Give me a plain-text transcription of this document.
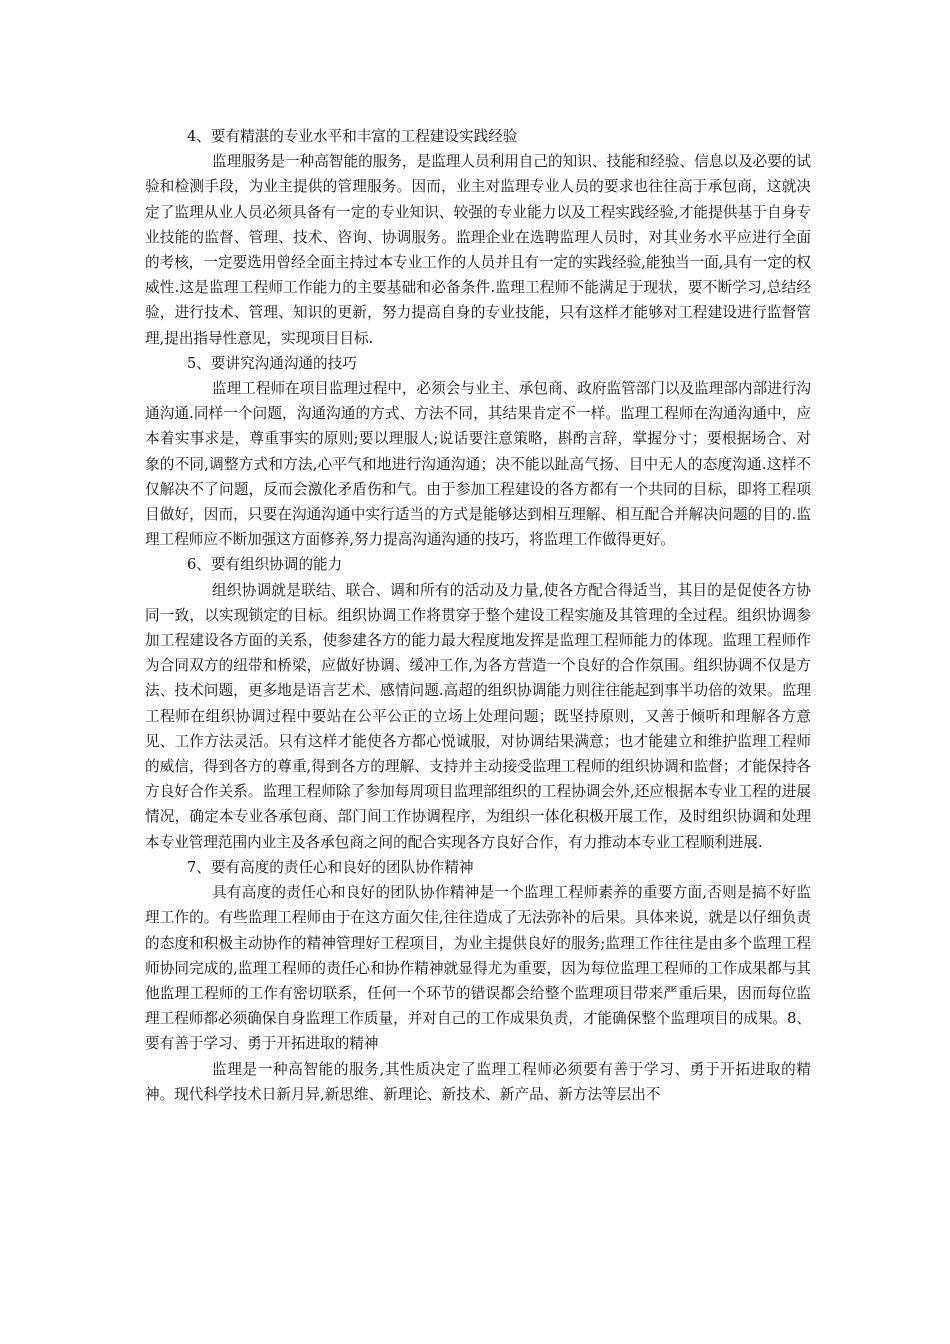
4、要有精湛的专业水平和丰富的工程建设实践经验

监理服务是一种高智能的服务，是监理人员利用自己的知识、技能和经验、信息以及必要的试验和检测手段，为业主提供的管理服务。因而，业主对监理专业人员的要求也往往高于承包商，这就决定了监理从业人员必须具备有一定的专业知识、较强的专业能力以及工程实践经验,才能提供基于自身专业技能的监督、管理、技术、咨询、协调服务。监理企业在选聘监理人员时，对其业务水平应进行全面的考核，一定要选用曾经全面主持过本专业工作的人员并且有一定的实践经验,能独当一面,具有一定的权威性.这是监理工程师工作能力的主要基础和必备条件.监理工程师不能满足于现状，要不断学习,总结经验，进行技术、管理、知识的更新，努力提高自身的专业技能，只有这样才能够对工程建设进行监督管理,提出指导性意见，实现项目目标.

5、要讲究沟通沟通的技巧

监理工程师在项目监理过程中，必须会与业主、承包商、政府监管部门以及监理部内部进行沟通沟通.同样一个问题，沟通沟通的方式、方法不同，其结果肯定不一样。监理工程师在沟通沟通中，应本着实事求是，尊重事实的原则;要以理服人;说话要注意策略，斟酌言辞，掌握分寸；要根据场合、对象的不同,调整方式和方法,心平气和地进行沟通沟通；决不能以趾高气扬、目中无人的态度沟通.这样不仅解决不了问题，反而会激化矛盾伤和气。由于参加工程建设的各方都有一个共同的目标，即将工程项目做好，因而，只要在沟通沟通中实行适当的方式是能够达到相互理解、相互配合并解决问题的目的.监理工程师应不断加强这方面修养,努力提高沟通沟通的技巧，将监理工作做得更好。

6、要有组织协调的能力

组织协调就是联结、联合、调和所有的活动及力量,使各方配合得适当，其目的是促使各方协同一致，以实现锁定的目标。组织协调工作将贯穿于整个建设工程实施及其管理的全过程。组织协调参加工程建设各方面的关系，使参建各方的能力最大程度地发挥是监理工程师能力的体现。监理工程师作为合同双方的纽带和桥梁，应做好协调、缓冲工作,为各方营造一个良好的合作氛围。组织协调不仅是方法、技术问题，更多地是语言艺术、感情问题.高超的组织协调能力则往往能起到事半功倍的效果。监理工程师在组织协调过程中要站在公平公正的立场上处理问题；既坚持原则，又善于倾听和理解各方意见、工作方法灵活。只有这样才能使各方都心悦诚服，对协调结果满意；也才能建立和维护监理工程师的威信，得到各方的尊重,得到各方的理解、支持并主动接受监理工程师的组织协调和监督；才能保持各方良好合作关系。监理工程师除了参加每周项目监理部组织的工程协调会外,还应根据本专业工程的进展情况，确定本专业各承包商、部门间工作协调程序，为组织一体化积极开展工作，及时组织协调和处理本专业管理范围内业主及各承包商之间的配合实现各方良好合作，有力推动本专业工程顺利进展.

7、要有高度的责任心和良好的团队协作精神

具有高度的责任心和良好的团队协作精神是一个监理工程师素养的重要方面,否则是搞不好监理工作的。有些监理工程师由于在这方面欠佳,往往造成了无法弥补的后果。具体来说，就是以仔细负责的态度和积极主动协作的精神管理好工程项目，为业主提供良好的服务;监理工作往往是由多个监理工程师协同完成的,监理工程师的责任心和协作精神就显得尤为重要，因为每位监理工程师的工作成果都与其他监理工程师的工作有密切联系，任何一个环节的错误都会给整个监理项目带来严重后果，因而每位监理工程师都必须确保自身监理工作质量，并对自己的工作成果负责，才能确保整个监理项目的成果。8、要有善于学习、勇于开拓进取的精神

监理是一种高智能的服务,其性质决定了监理工程师必须要有善于学习、勇于开拓进取的精神。现代科学技术日新月异,新思维、新理论、新技术、新产品、新方法等层出不
